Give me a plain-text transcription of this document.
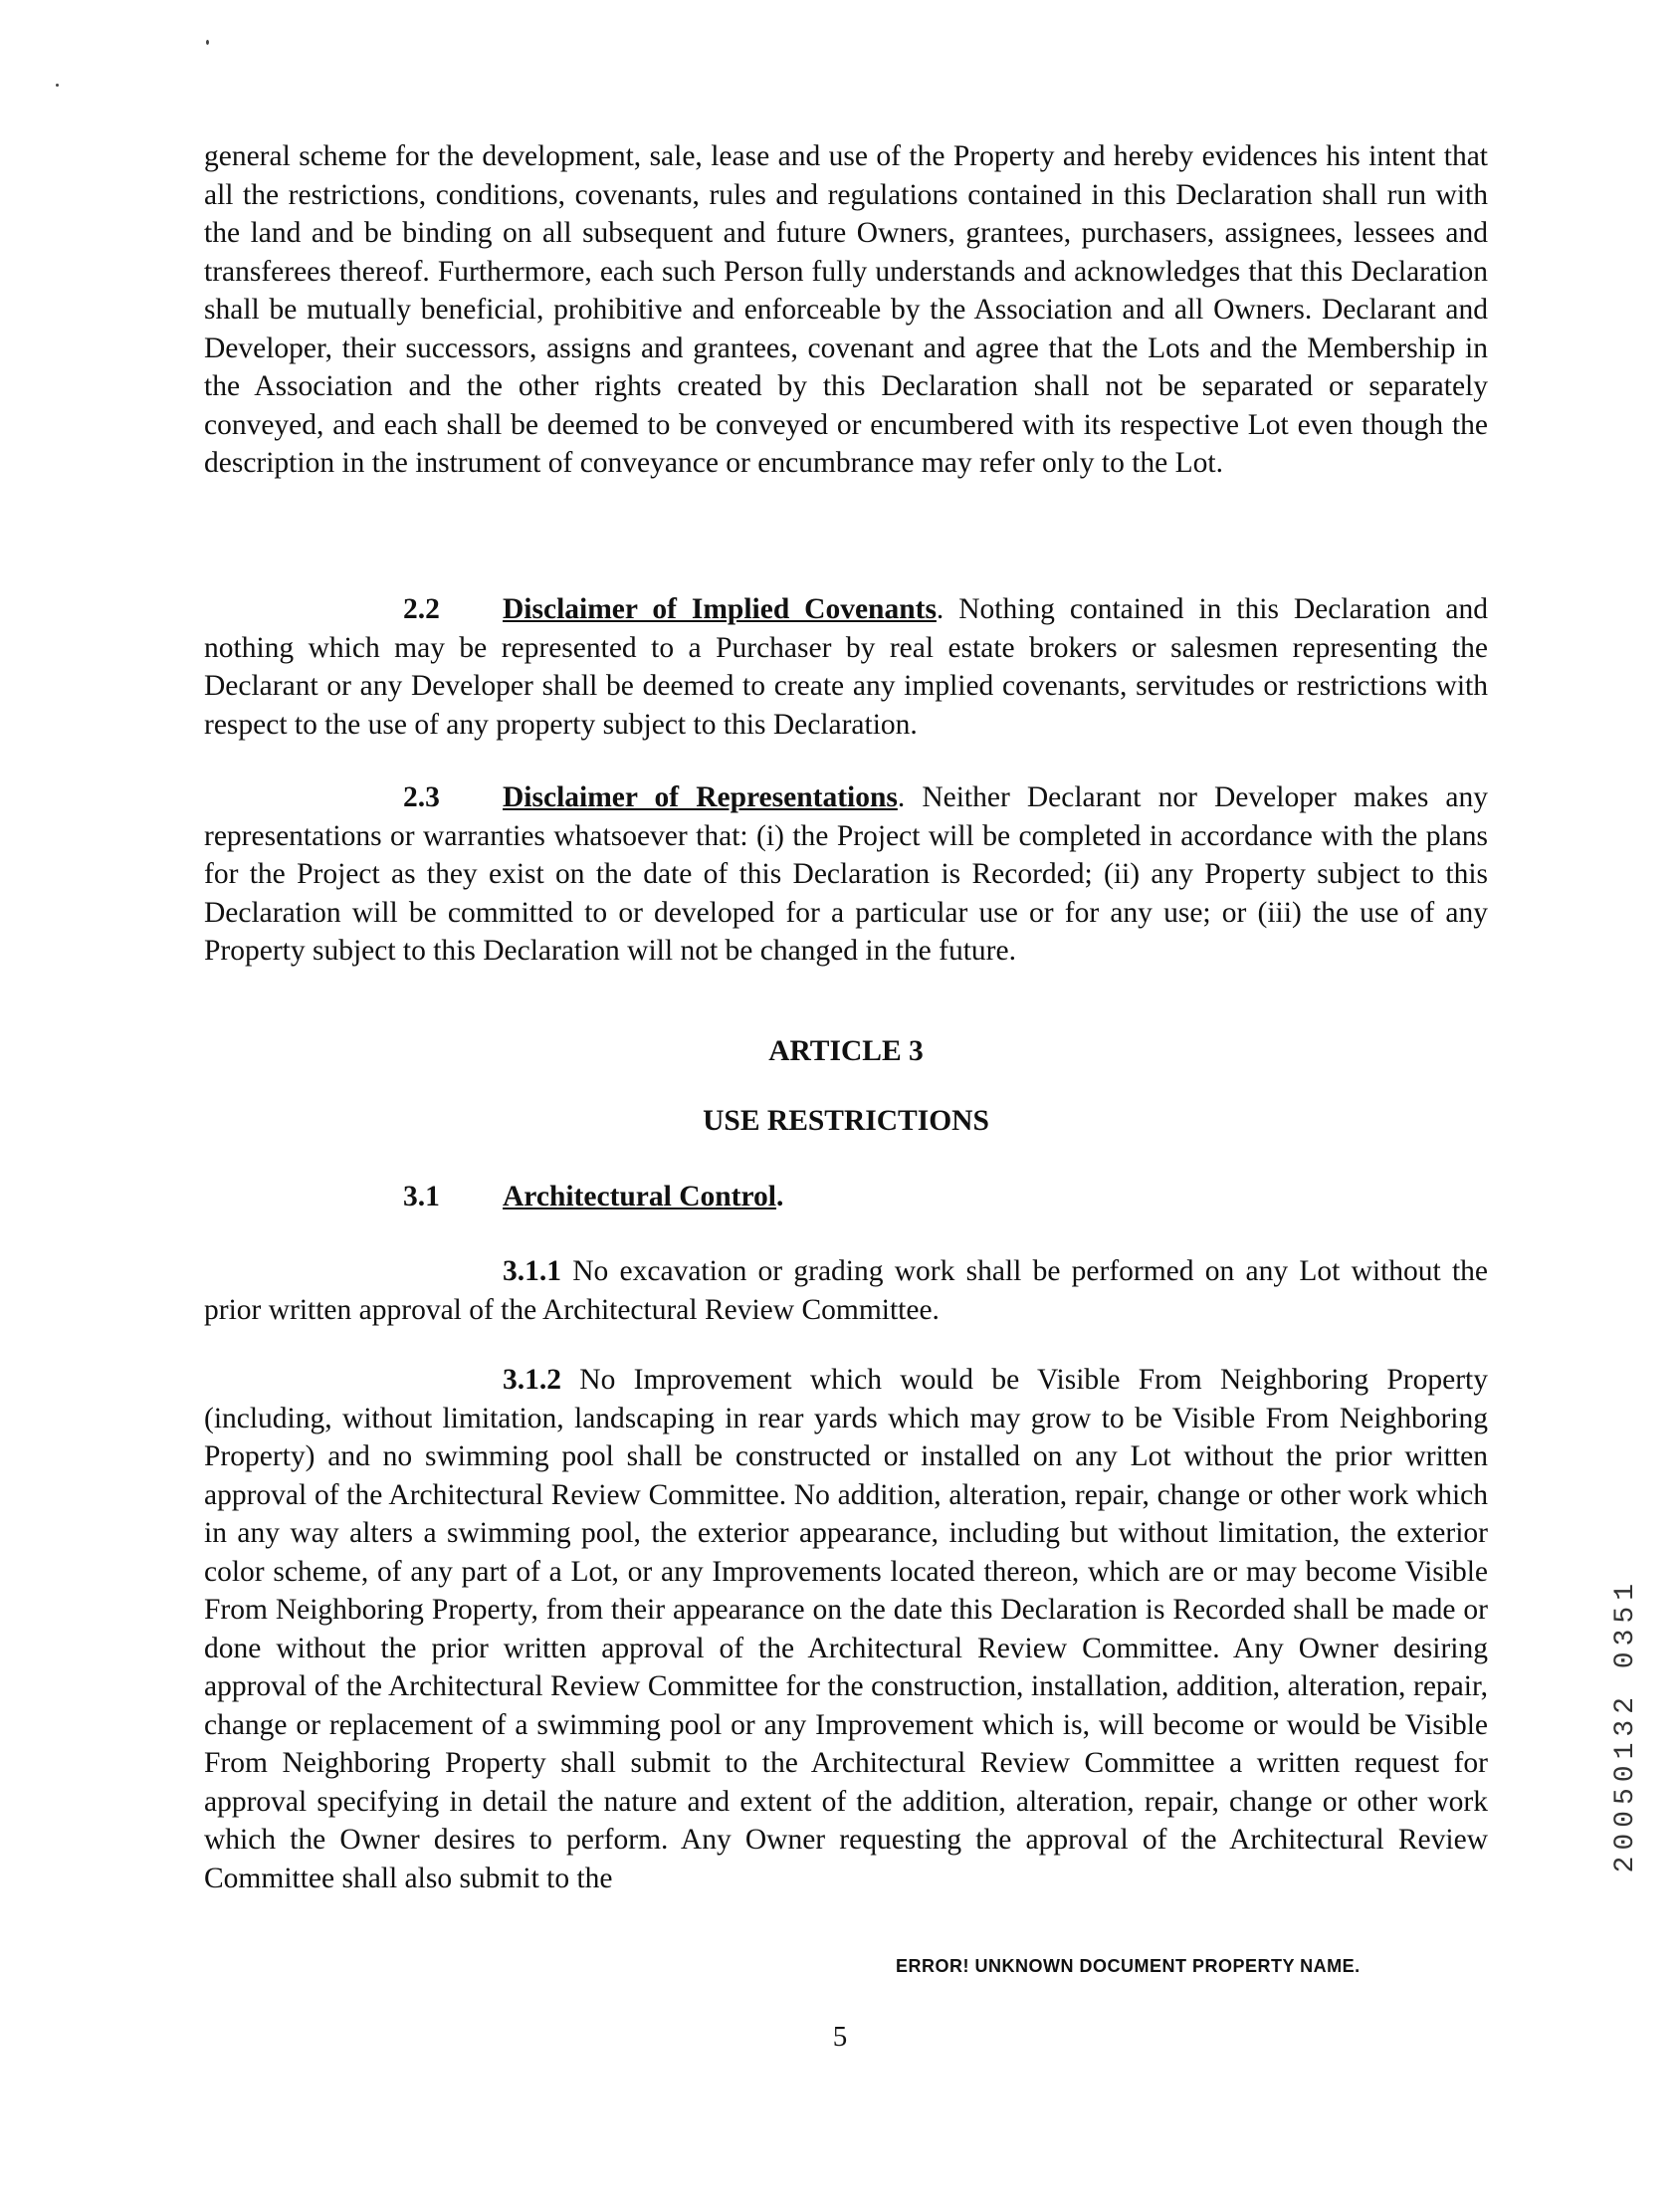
general scheme for the development, sale, lease and use of the Property and hereby evidences his intent that all the restrictions, conditions, covenants, rules and regulations contained in this Declaration shall run with the land and be binding on all subsequent and future Owners, grantees, purchasers, assignees, lessees and transferees thereof. Furthermore, each such Person fully understands and acknowledges that this Declaration shall be mutually beneficial, prohibitive and enforceable by the Association and all Owners. Declarant and Developer, their successors, assigns and grantees, covenant and agree that the Lots and the Membership in the Association and the other rights created by this Declaration shall not be separated or separately conveyed, and each shall be deemed to be conveyed or encumbered with its respective Lot even though the description in the instrument of conveyance or encumbrance may refer only to the Lot.

2.2 Disclaimer of Implied Covenants. Nothing contained in this Declaration and nothing which may be represented to a Purchaser by real estate brokers or salesmen representing the Declarant or any Developer shall be deemed to create any implied covenants, servitudes or restrictions with respect to the use of any property subject to this Declaration.

2.3 Disclaimer of Representations. Neither Declarant nor Developer makes any representations or warranties whatsoever that: (i) the Project will be completed in accordance with the plans for the Project as they exist on the date of this Declaration is Recorded; (ii) any Property subject to this Declaration will be committed to or developed for a particular use or for any use; or (iii) the use of any Property subject to this Declaration will not be changed in the future.

ARTICLE 3

USE RESTRICTIONS

3.1 Architectural Control.

3.1.1 No excavation or grading work shall be performed on any Lot without the prior written approval of the Architectural Review Committee.

3.1.2 No Improvement which would be Visible From Neighboring Property (including, without limitation, landscaping in rear yards which may grow to be Visible From Neighboring Property) and no swimming pool shall be constructed or installed on any Lot without the prior written approval of the Architectural Review Committee. No addition, alteration, repair, change or other work which in any way alters a swimming pool, the exterior appearance, including but without limitation, the exterior color scheme, of any part of a Lot, or any Improvements located thereon, which are or may become Visible From Neighboring Property, from their appearance on the date this Declaration is Recorded shall be made or done without the prior written approval of the Architectural Review Committee. Any Owner desiring approval of the Architectural Review Committee for the construction, installation, addition, alteration, repair, change or replacement of a swimming pool or any Improvement which is, will become or would be Visible From Neighboring Property shall submit to the Architectural Review Committee a written request for approval specifying in detail the nature and extent of the addition, alteration, repair, change or other work which the Owner desires to perform. Any Owner requesting the approval of the Architectural Review Committee shall also submit to the

ERROR! UNKNOWN DOCUMENT PROPERTY NAME.

5

20050132 0351
